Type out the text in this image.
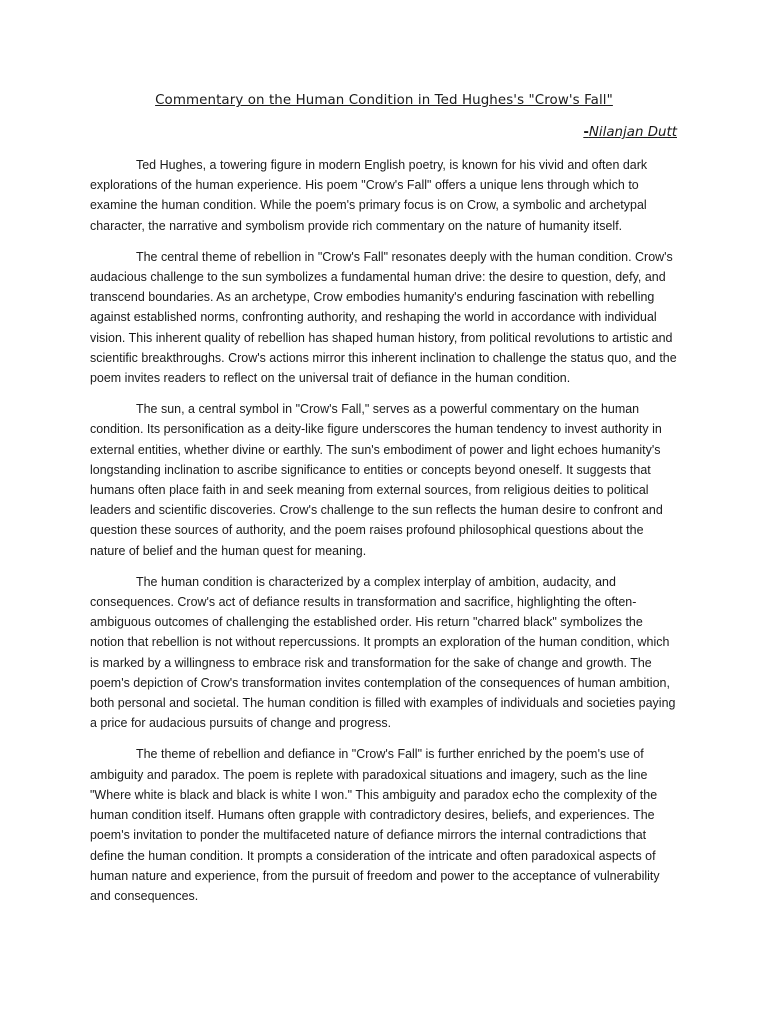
Commentary on the Human Condition in Ted Hughes's "Crow's Fall"
-Nilanjan Dutt

Ted Hughes, a towering figure in modern English poetry, is known for his vivid and often dark explorations of the human experience. His poem "Crow's Fall" offers a unique lens through which to examine the human condition. While the poem's primary focus is on Crow, a symbolic and archetypal character, the narrative and symbolism provide rich commentary on the nature of humanity itself.

The central theme of rebellion in "Crow's Fall" resonates deeply with the human condition. Crow's audacious challenge to the sun symbolizes a fundamental human drive: the desire to question, defy, and transcend boundaries. As an archetype, Crow embodies humanity's enduring fascination with rebelling against established norms, confronting authority, and reshaping the world in accordance with individual vision. This inherent quality of rebellion has shaped human history, from political revolutions to artistic and scientific breakthroughs. Crow's actions mirror this inherent inclination to challenge the status quo, and the poem invites readers to reflect on the universal trait of defiance in the human condition.

The sun, a central symbol in "Crow's Fall," serves as a powerful commentary on the human condition. Its personification as a deity-like figure underscores the human tendency to invest authority in external entities, whether divine or earthly. The sun's embodiment of power and light echoes humanity's longstanding inclination to ascribe significance to entities or concepts beyond oneself. It suggests that humans often place faith in and seek meaning from external sources, from religious deities to political leaders and scientific discoveries. Crow's challenge to the sun reflects the human desire to confront and question these sources of authority, and the poem raises profound philosophical questions about the nature of belief and the human quest for meaning.

The human condition is characterized by a complex interplay of ambition, audacity, and consequences. Crow's act of defiance results in transformation and sacrifice, highlighting the often-ambiguous outcomes of challenging the established order. His return "charred black" symbolizes the notion that rebellion is not without repercussions. It prompts an exploration of the human condition, which is marked by a willingness to embrace risk and transformation for the sake of change and growth. The poem's depiction of Crow's transformation invites contemplation of the consequences of human ambition, both personal and societal. The human condition is filled with examples of individuals and societies paying a price for audacious pursuits of change and progress.

The theme of rebellion and defiance in "Crow's Fall" is further enriched by the poem's use of ambiguity and paradox. The poem is replete with paradoxical situations and imagery, such as the line "Where white is black and black is white I won." This ambiguity and paradox echo the complexity of the human condition itself. Humans often grapple with contradictory desires, beliefs, and experiences. The poem's invitation to ponder the multifaceted nature of defiance mirrors the internal contradictions that define the human condition. It prompts a consideration of the intricate and often paradoxical aspects of human nature and experience, from the pursuit of freedom and power to the acceptance of vulnerability and consequences.
